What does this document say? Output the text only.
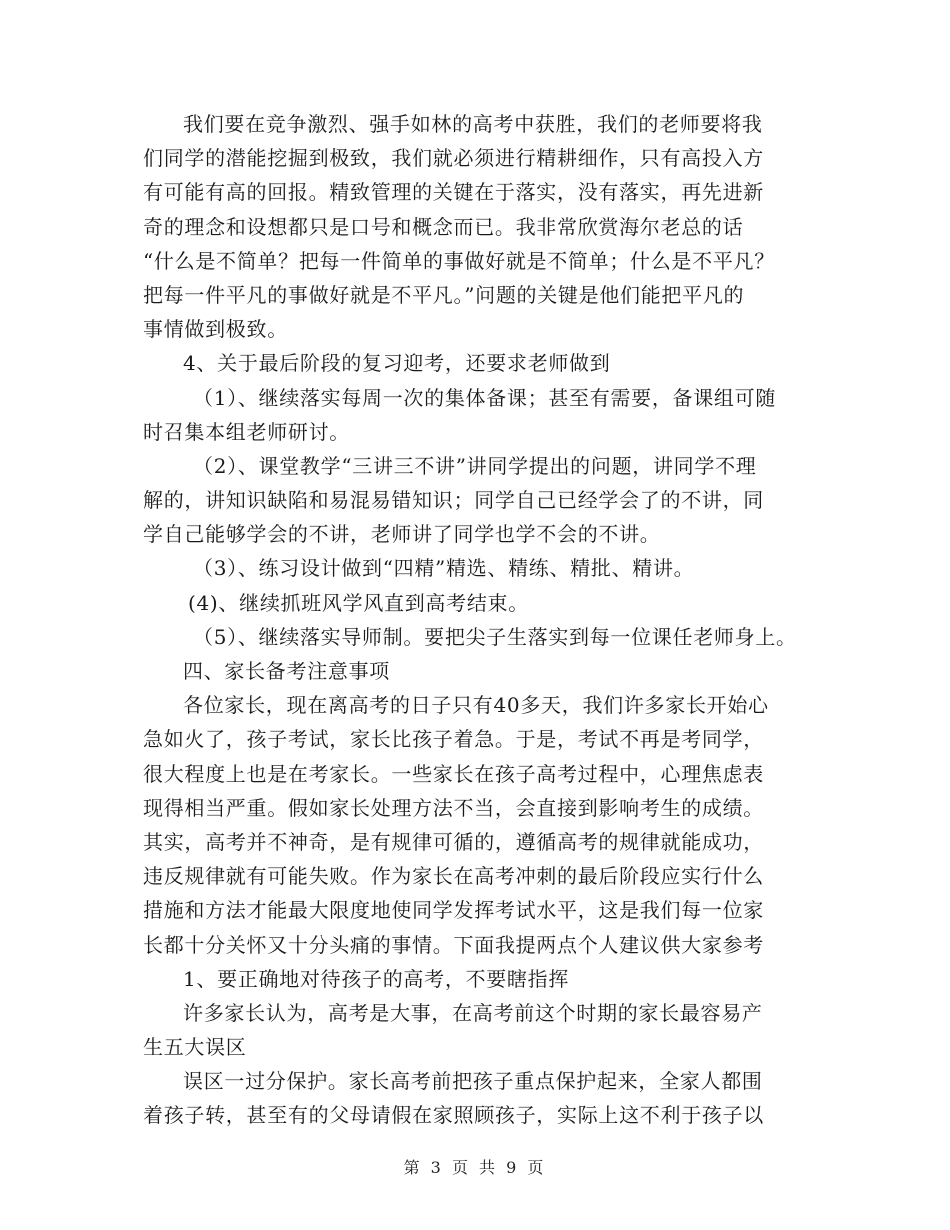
我们要在竞争激烈、强手如林的高考中获胜，我们的老师要将我
们同学的潜能挖掘到极致，我们就必须进行精耕细作，只有高投入方
有可能有高的回报。精致管理的关键在于落实，没有落实，再先进新
奇的理念和设想都只是口号和概念而已。我非常欣赏海尔老总的话
“什么是不简单？把每一件简单的事做好就是不简单；什么是不平凡？
把每一件平凡的事做好就是不平凡。”问题的关键是他们能把平凡的
事情做到极致。
4、关于最后阶段的复习迎考，还要求老师做到
（1）、继续落实每周一次的集体备课；甚至有需要，备课组可随
时召集本组老师研讨。
（2）、课堂教学“三讲三不讲”讲同学提出的问题，讲同学不理
解的，讲知识缺陷和易混易错知识；同学自己已经学会了的不讲，同
学自己能够学会的不讲，老师讲了同学也学不会的不讲。
（3）、练习设计做到“四精”精选、精练、精批、精讲。
(4)、继续抓班风学风直到高考结束。
（5）、继续落实导师制。要把尖子生落实到每一位课任老师身上。
四、家长备考注意事项
各位家长，现在离高考的日子只有40多天，我们许多家长开始心
急如火了，孩子考试，家长比孩子着急。于是，考试不再是考同学，
很大程度上也是在考家长。一些家长在孩子高考过程中，心理焦虑表
现得相当严重。假如家长处理方法不当，会直接到影响考生的成绩。
其实，高考并不神奇，是有规律可循的，遵循高考的规律就能成功，
违反规律就有可能失败。作为家长在高考冲刺的最后阶段应实行什么
措施和方法才能最大限度地使同学发挥考试水平，这是我们每一位家
长都十分关怀又十分头痛的事情。下面我提两点个人建议供大家参考
1、要正确地对待孩子的高考，不要瞎指挥
许多家长认为，高考是大事，在高考前这个时期的家长最容易产
生五大误区
误区一过分保护。家长高考前把孩子重点保护起来，全家人都围
着孩子转，甚至有的父母请假在家照顾孩子，实际上这不利于孩子以
第 3 页 共 9 页
